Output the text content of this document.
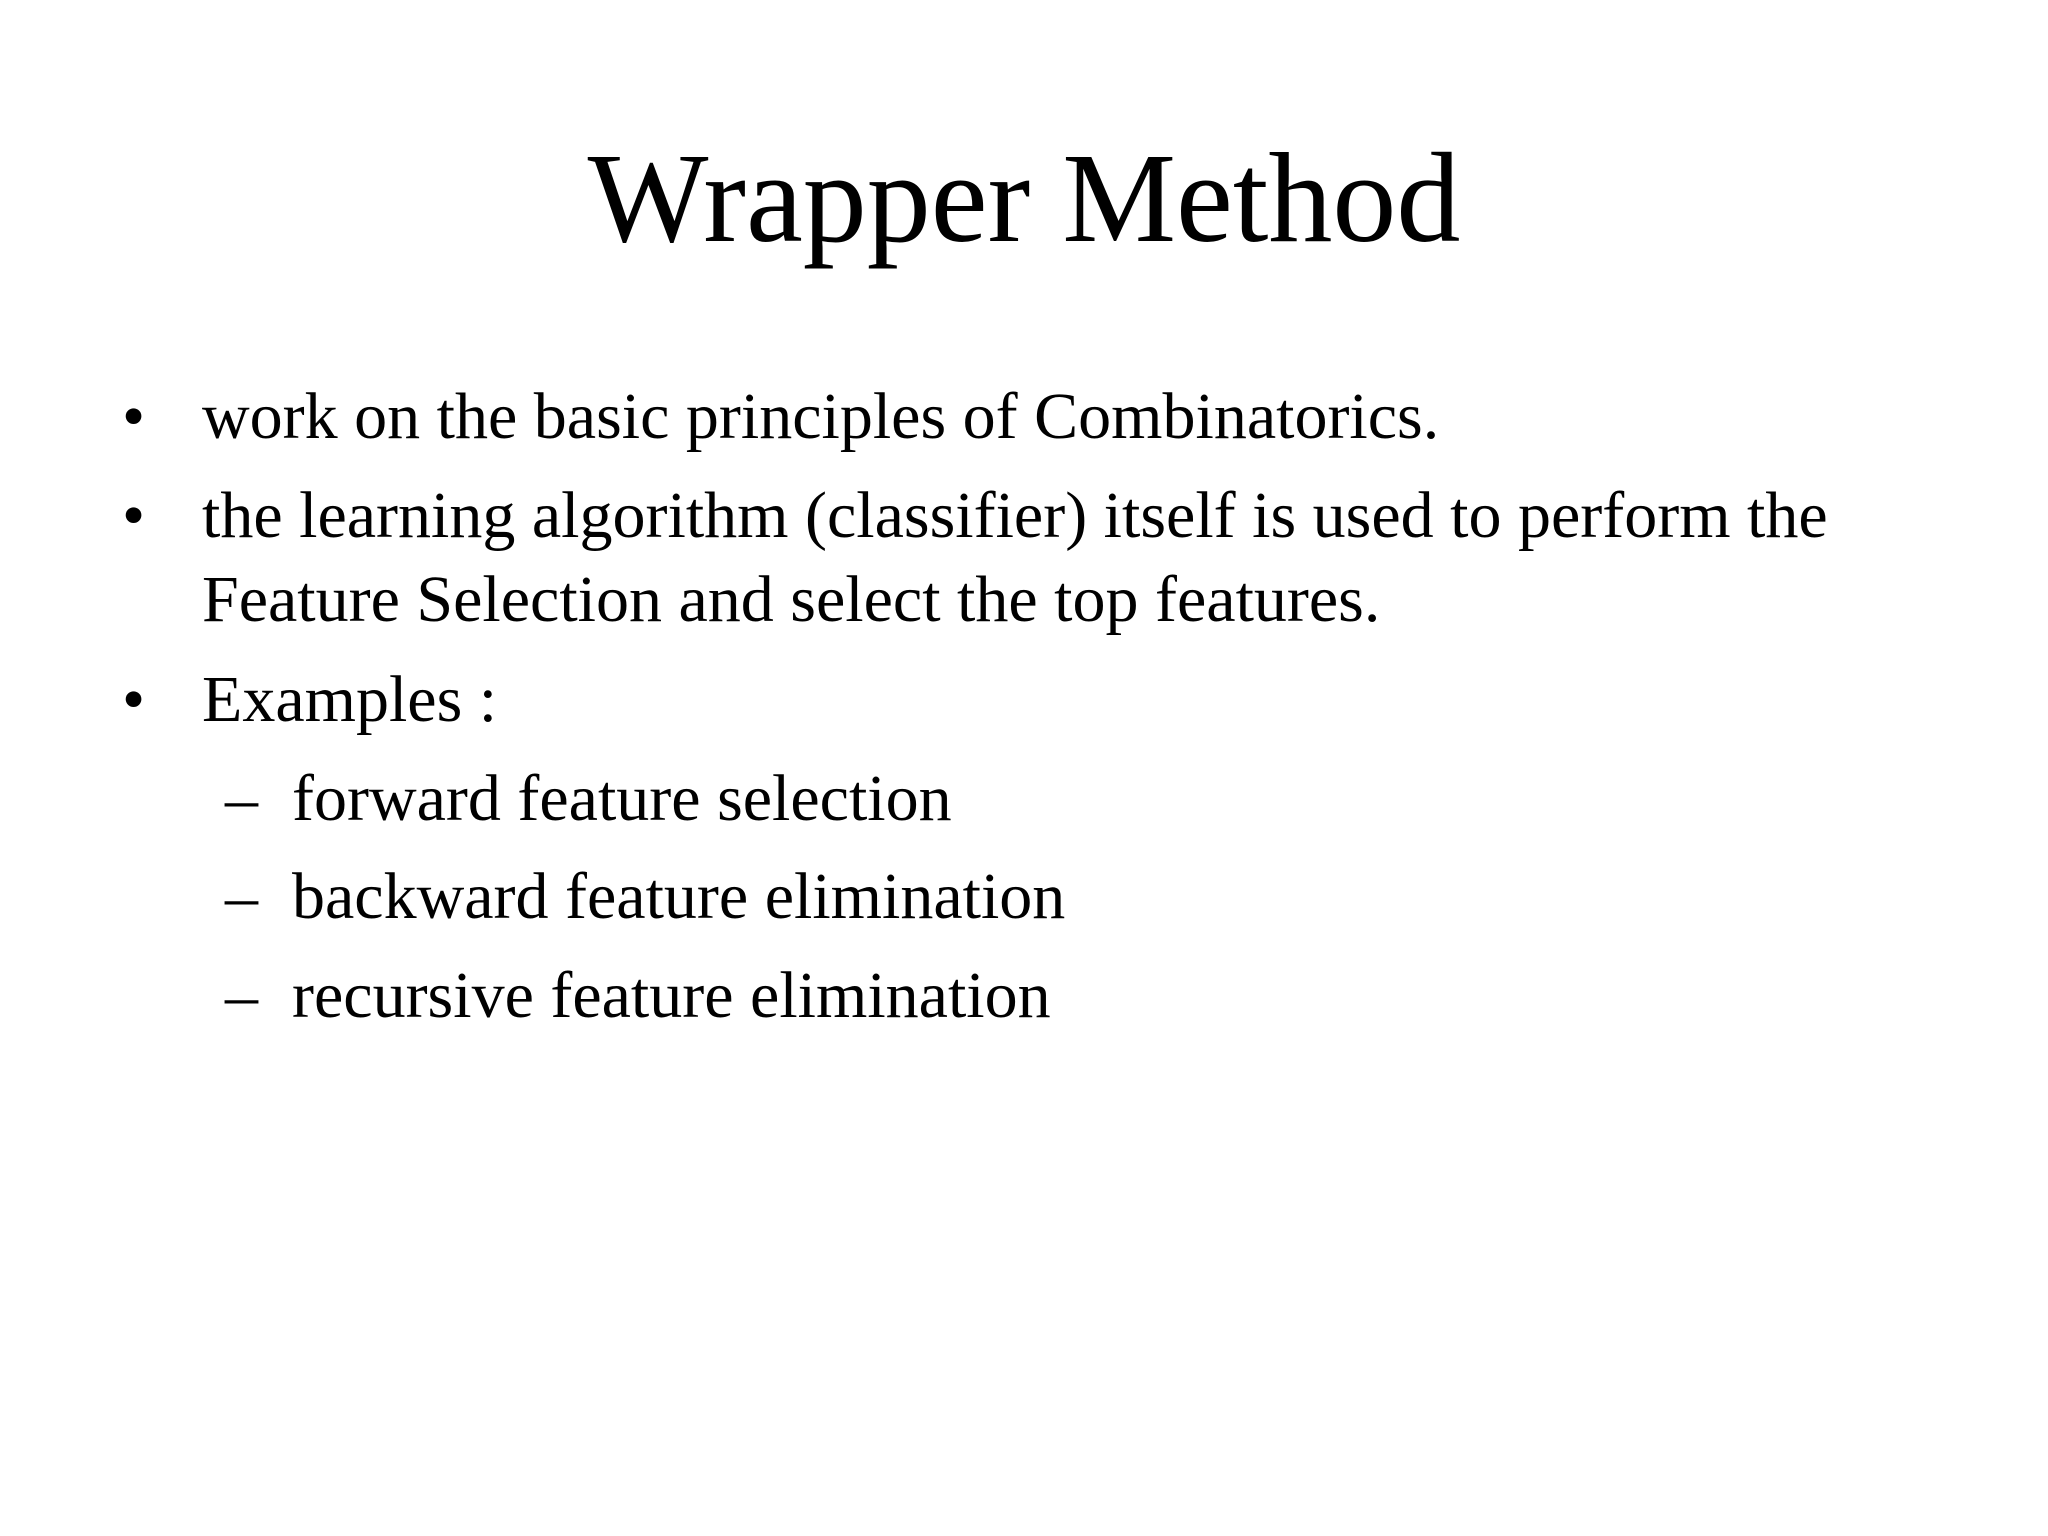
Wrapper Method
• work on the basic principles of Combinatorics.
• the learning algorithm (classifier) itself is used to perform the Feature Selection and select the top features.
• Examples :
– forward feature selection
– backward feature elimination
– recursive feature elimination
